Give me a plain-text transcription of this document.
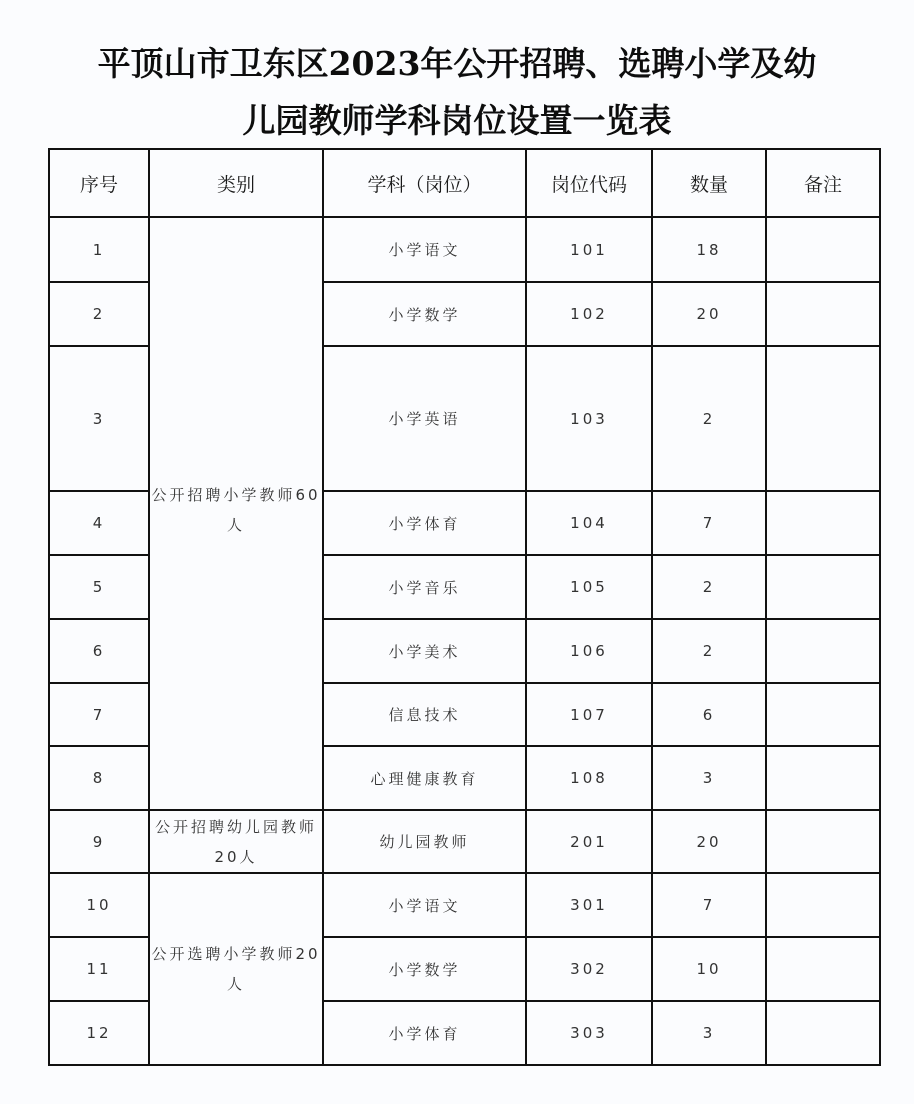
平顶山市卫东区2023年公开招聘、选聘小学及幼
儿园教师学科岗位设置一览表
序号	类别	学科（岗位）	岗位代码	数量	备注
1	公开招聘小学教师60人	小学语文	101	18	
2		小学数学	102	20	
3		小学英语	103	2	
4		小学体育	104	7	
5		小学音乐	105	2	
6		小学美术	106	2	
7		信息技术	107	6	
8		心理健康教育	108	3	
9	公开招聘幼儿园教师20人	幼儿园教师	201	20	
10	公开选聘小学教师20人	小学语文	301	7	
11		小学数学	302	10	
12		小学体育	303	3	
